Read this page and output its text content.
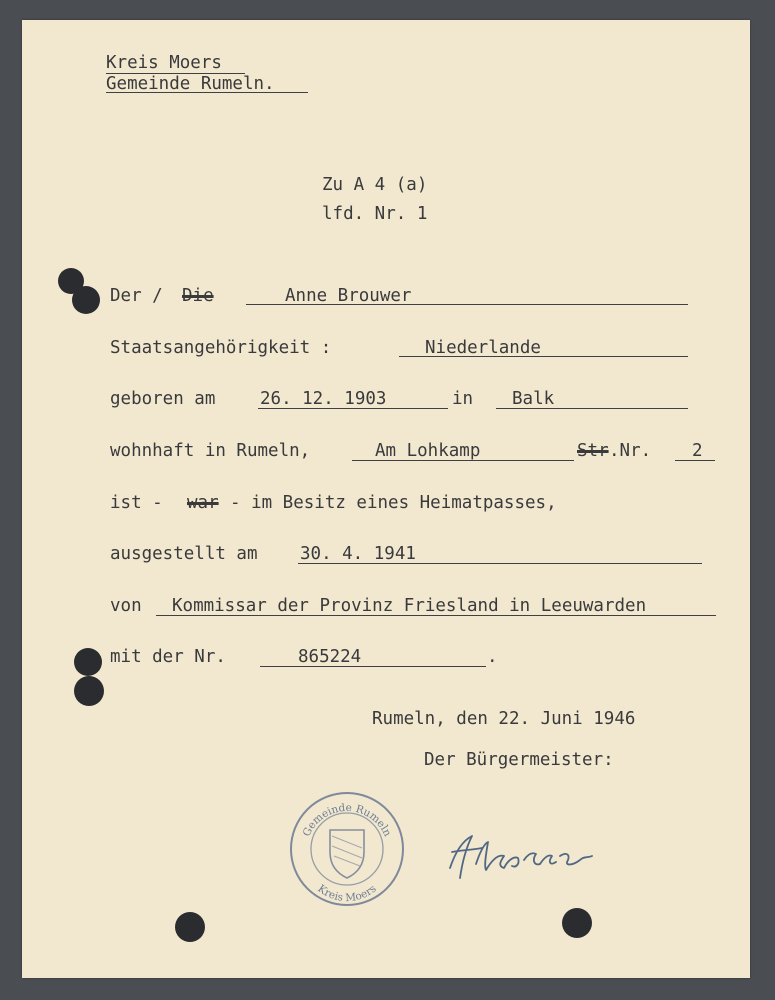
Kreis Moers
Gemeinde Rumeln.
Zu A 4 (a)
lfd. Nr. 1
Der / Die	Anne Brouwer
Staatsangehörigkeit :	Niederlande
geboren am	26. 12. 1903	in Balk
wohnhaft in Rumeln,	Am Lohkamp	Str .Nr. 2
ist - war - im Besitz eines Heimatpasses,
ausgestellt am 30. 4. 1941
von Kommissar der Provinz Friesland in Leeuwarden
mit der Nr.	865224	.
Rumeln, den 22. Juni 1946
Der Bürgermeister:
Gemeinde Rumeln
Kreis Moers
